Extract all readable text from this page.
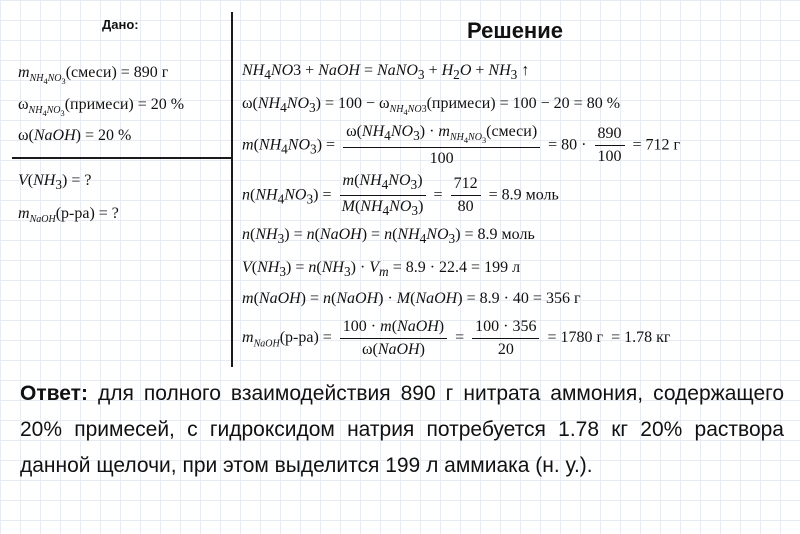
Дано:
$m_{NH_4NO_3}(смеси) = 890$ г
$\omega_{NH_4NO_3}(примеси) = 20$ %
ω(NaOH) = 20 %
$V(NH_3)$ = ?
$m_{NaOH}(р-ра)$ = ?
Решение
$NH_4NO3$ + NaOH = NaNO$_3$ + $H_2O + NH_3$ ↑
$\omega(NH_4NO_3) = 100$ − $\omega_{NH_4NO3}(примеси) = 100 - 20 = 80$ %
$m(NH_4NO_3) = \frac{\omega(NH_4NO_3) \cdot m_{NH_4NO_3}(смеси)}{100} = 80 \cdot \frac{890}{100} = 712$ г
$n(NH_4NO_3) = \frac{m(NH_4NO_3)}{M(NH_4NO_3)} = \frac{712}{80} = 8.9$ моль
$n(NH_3)$ = n(NaOH) = $n(NH_4NO_3) = 8.9$ моль
$V(NH_3) = n(NH_3) \cdot V_m = 8.9 \cdot 22.4 = 199$ л
m(NaOH) = n(NaOH) · M(NaOH) = 8.9 · 40 = 356 г
$m_{NaOH}(р-ра) = \frac{\text{100 · m(NaOH)}}{\text{ω(NaOH)}} = \frac{100 \cdot 356}{20} = 1780$ г  = 1.78 кг
Ответ: для полного взаимодействия 890 г нитрата аммония, содержащего 20% примесей, с гидроксидом натрия потребуется 1.78 кг 20% раствора данной щелочи, при этом выделится 199 л аммиака (н. у.).
